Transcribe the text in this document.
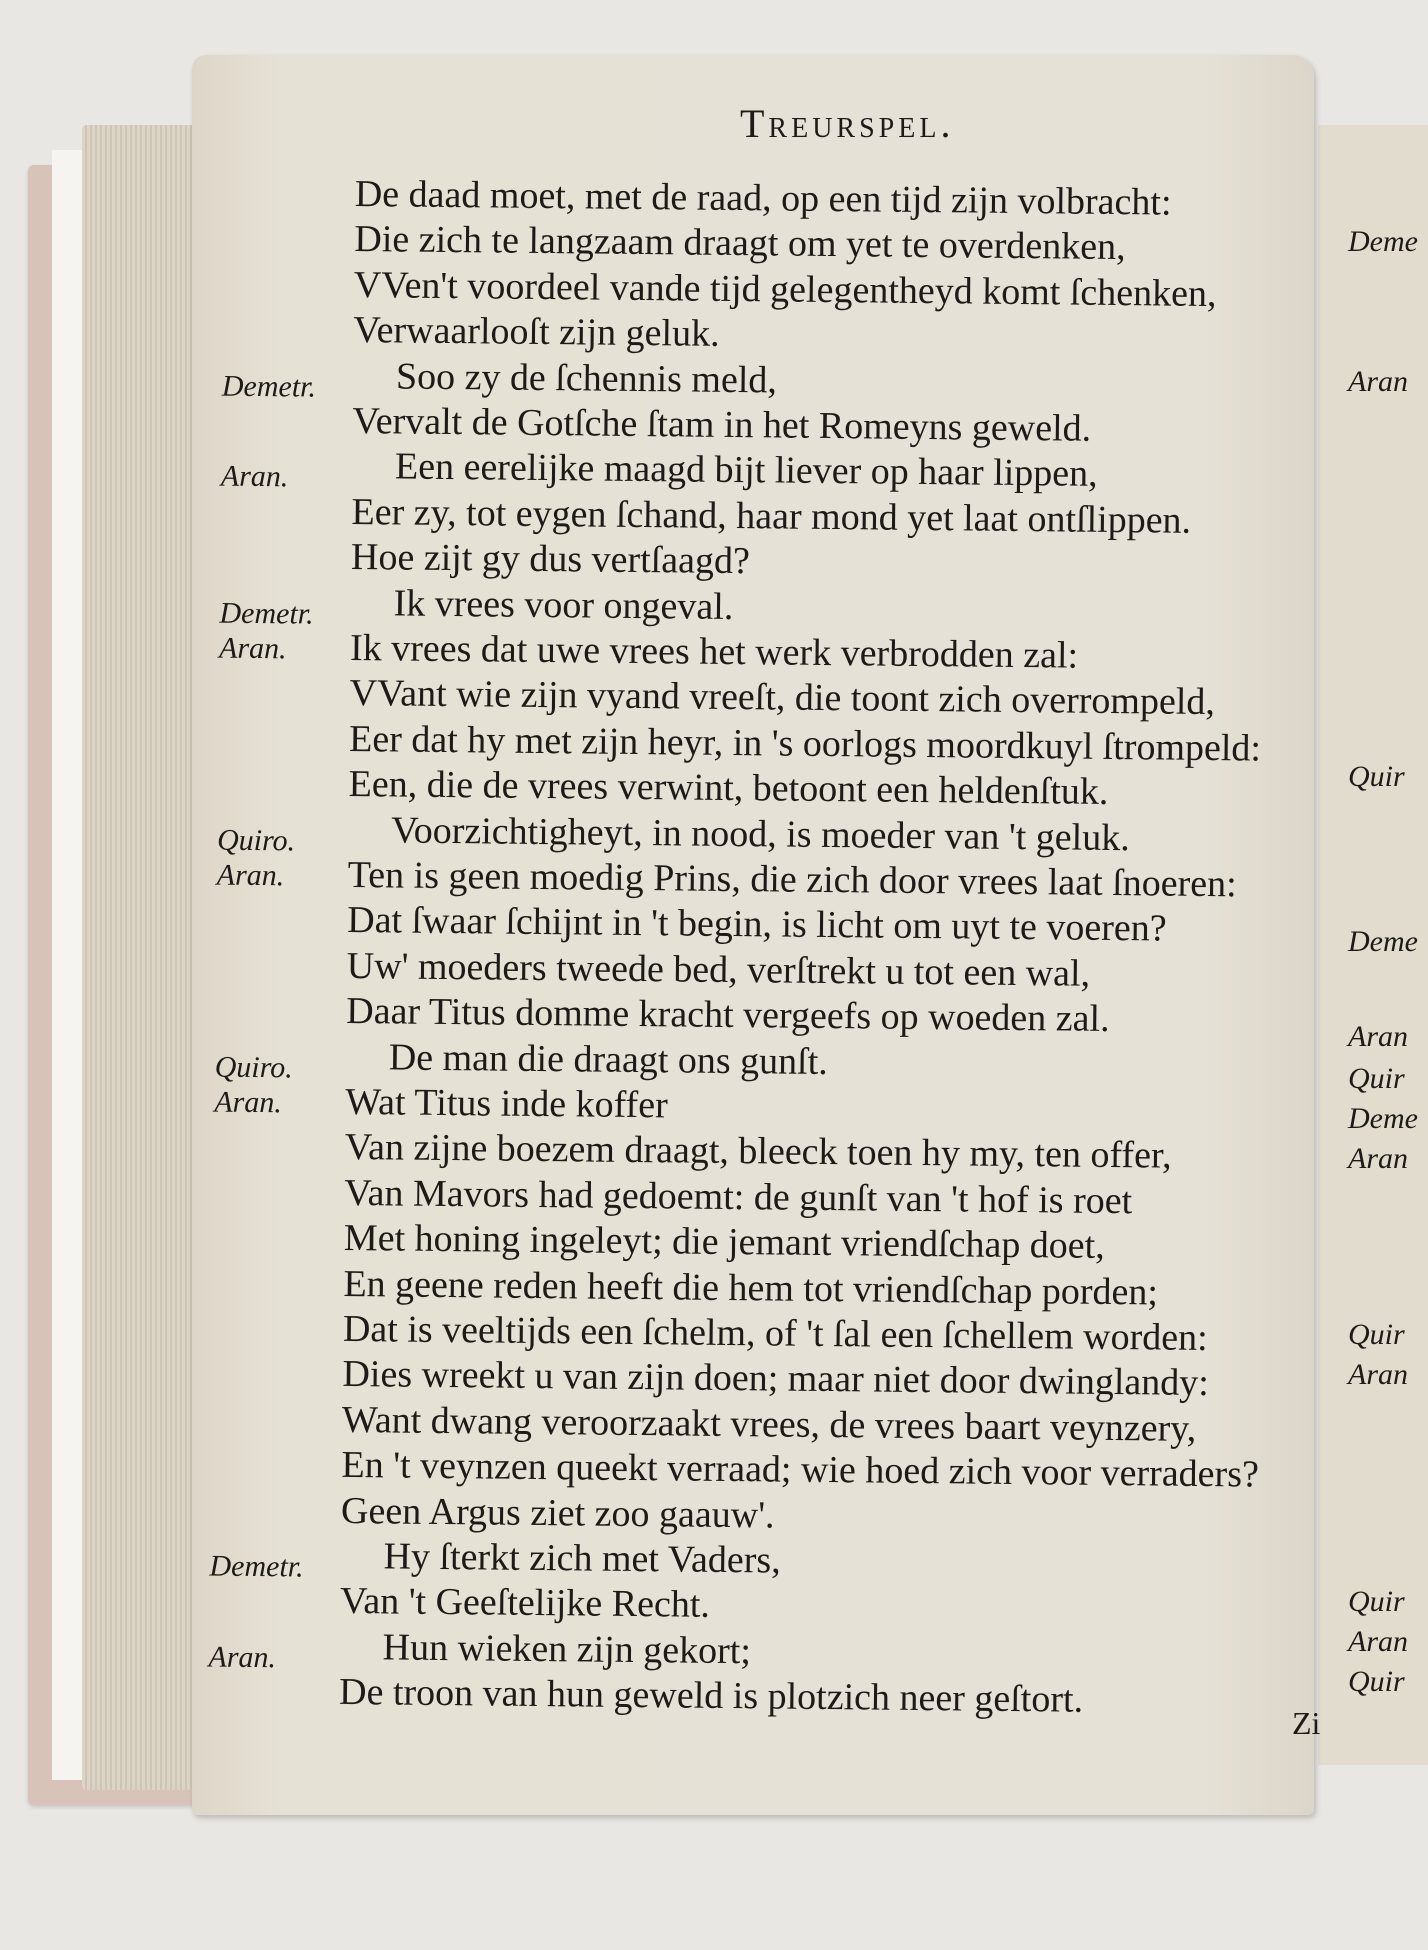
Deme
Aran
Quir
Deme
Aran
Quir
Deme
Aran
Quir
Aran
Quir
Aran
Quir
Treurspel.
De daad moet, met de raad, op een tijd zijn volbracht:
Die zich te langzaam draagt om yet te overdenken,
VVen't voordeel vande tijd gelegentheyd komt ſchenken,
Verwaarlooſt zijn geluk.
Soo zy de ſchennis meld,
Demetr.
Vervalt de Gotſche ſtam in het Romeyns geweld.
Een eerelijke maagd bijt liever op haar lippen,
Aran.
Eer zy, tot eygen ſchand, haar mond yet laat ontſlippen.
Hoe zijt gy dus vertſaagd?
Ik vrees voor ongeval.
Demetr.
Ik vrees dat uwe vrees het werk verbrodden zal:
Aran.
VVant wie zijn vyand vreeſt, die toont zich overrompeld,
Eer dat hy met zijn heyr, in 's oorlogs moordkuyl ſtrompeld:
Een, die de vrees verwint, betoont een heldenſtuk.
Voorzichtigheyt, in nood, is moeder van 't geluk.
Quiro.
Ten is geen moedig Prins, die zich door vrees laat ſnoeren:
Aran.
Dat ſwaar ſchijnt in 't begin, is licht om uyt te voeren?
Uw' moeders tweede bed, verſtrekt u tot een wal,
Daar Titus domme kracht vergeefs op woeden zal.
De man die draagt ons gunſt.
Quiro.
Wat Titus inde koffer
Aran.
Van zijne boezem draagt, bleeck toen hy my, ten offer,
Van Mavors had gedoemt: de gunſt van 't hof is roet
Met honing ingeleyt; die jemant vriendſchap doet,
En geene reden heeft die hem tot vriendſchap porden;
Dat is veeltijds een ſchelm, of 't ſal een ſchellem worden:
Dies wreekt u van zijn doen; maar niet door dwinglandy:
Want dwang veroorzaakt vrees, de vrees baart veynzery,
En 't veynzen queekt verraad; wie hoed zich voor verraders?
Geen Argus ziet zoo gaauw'.
Hy ſterkt zich met Vaders,
Demetr.
Van 't Geeſtelijke Recht.
Hun wieken zijn gekort;
Aran.
De troon van hun geweld is plotzich neer geſtort.
Zi
